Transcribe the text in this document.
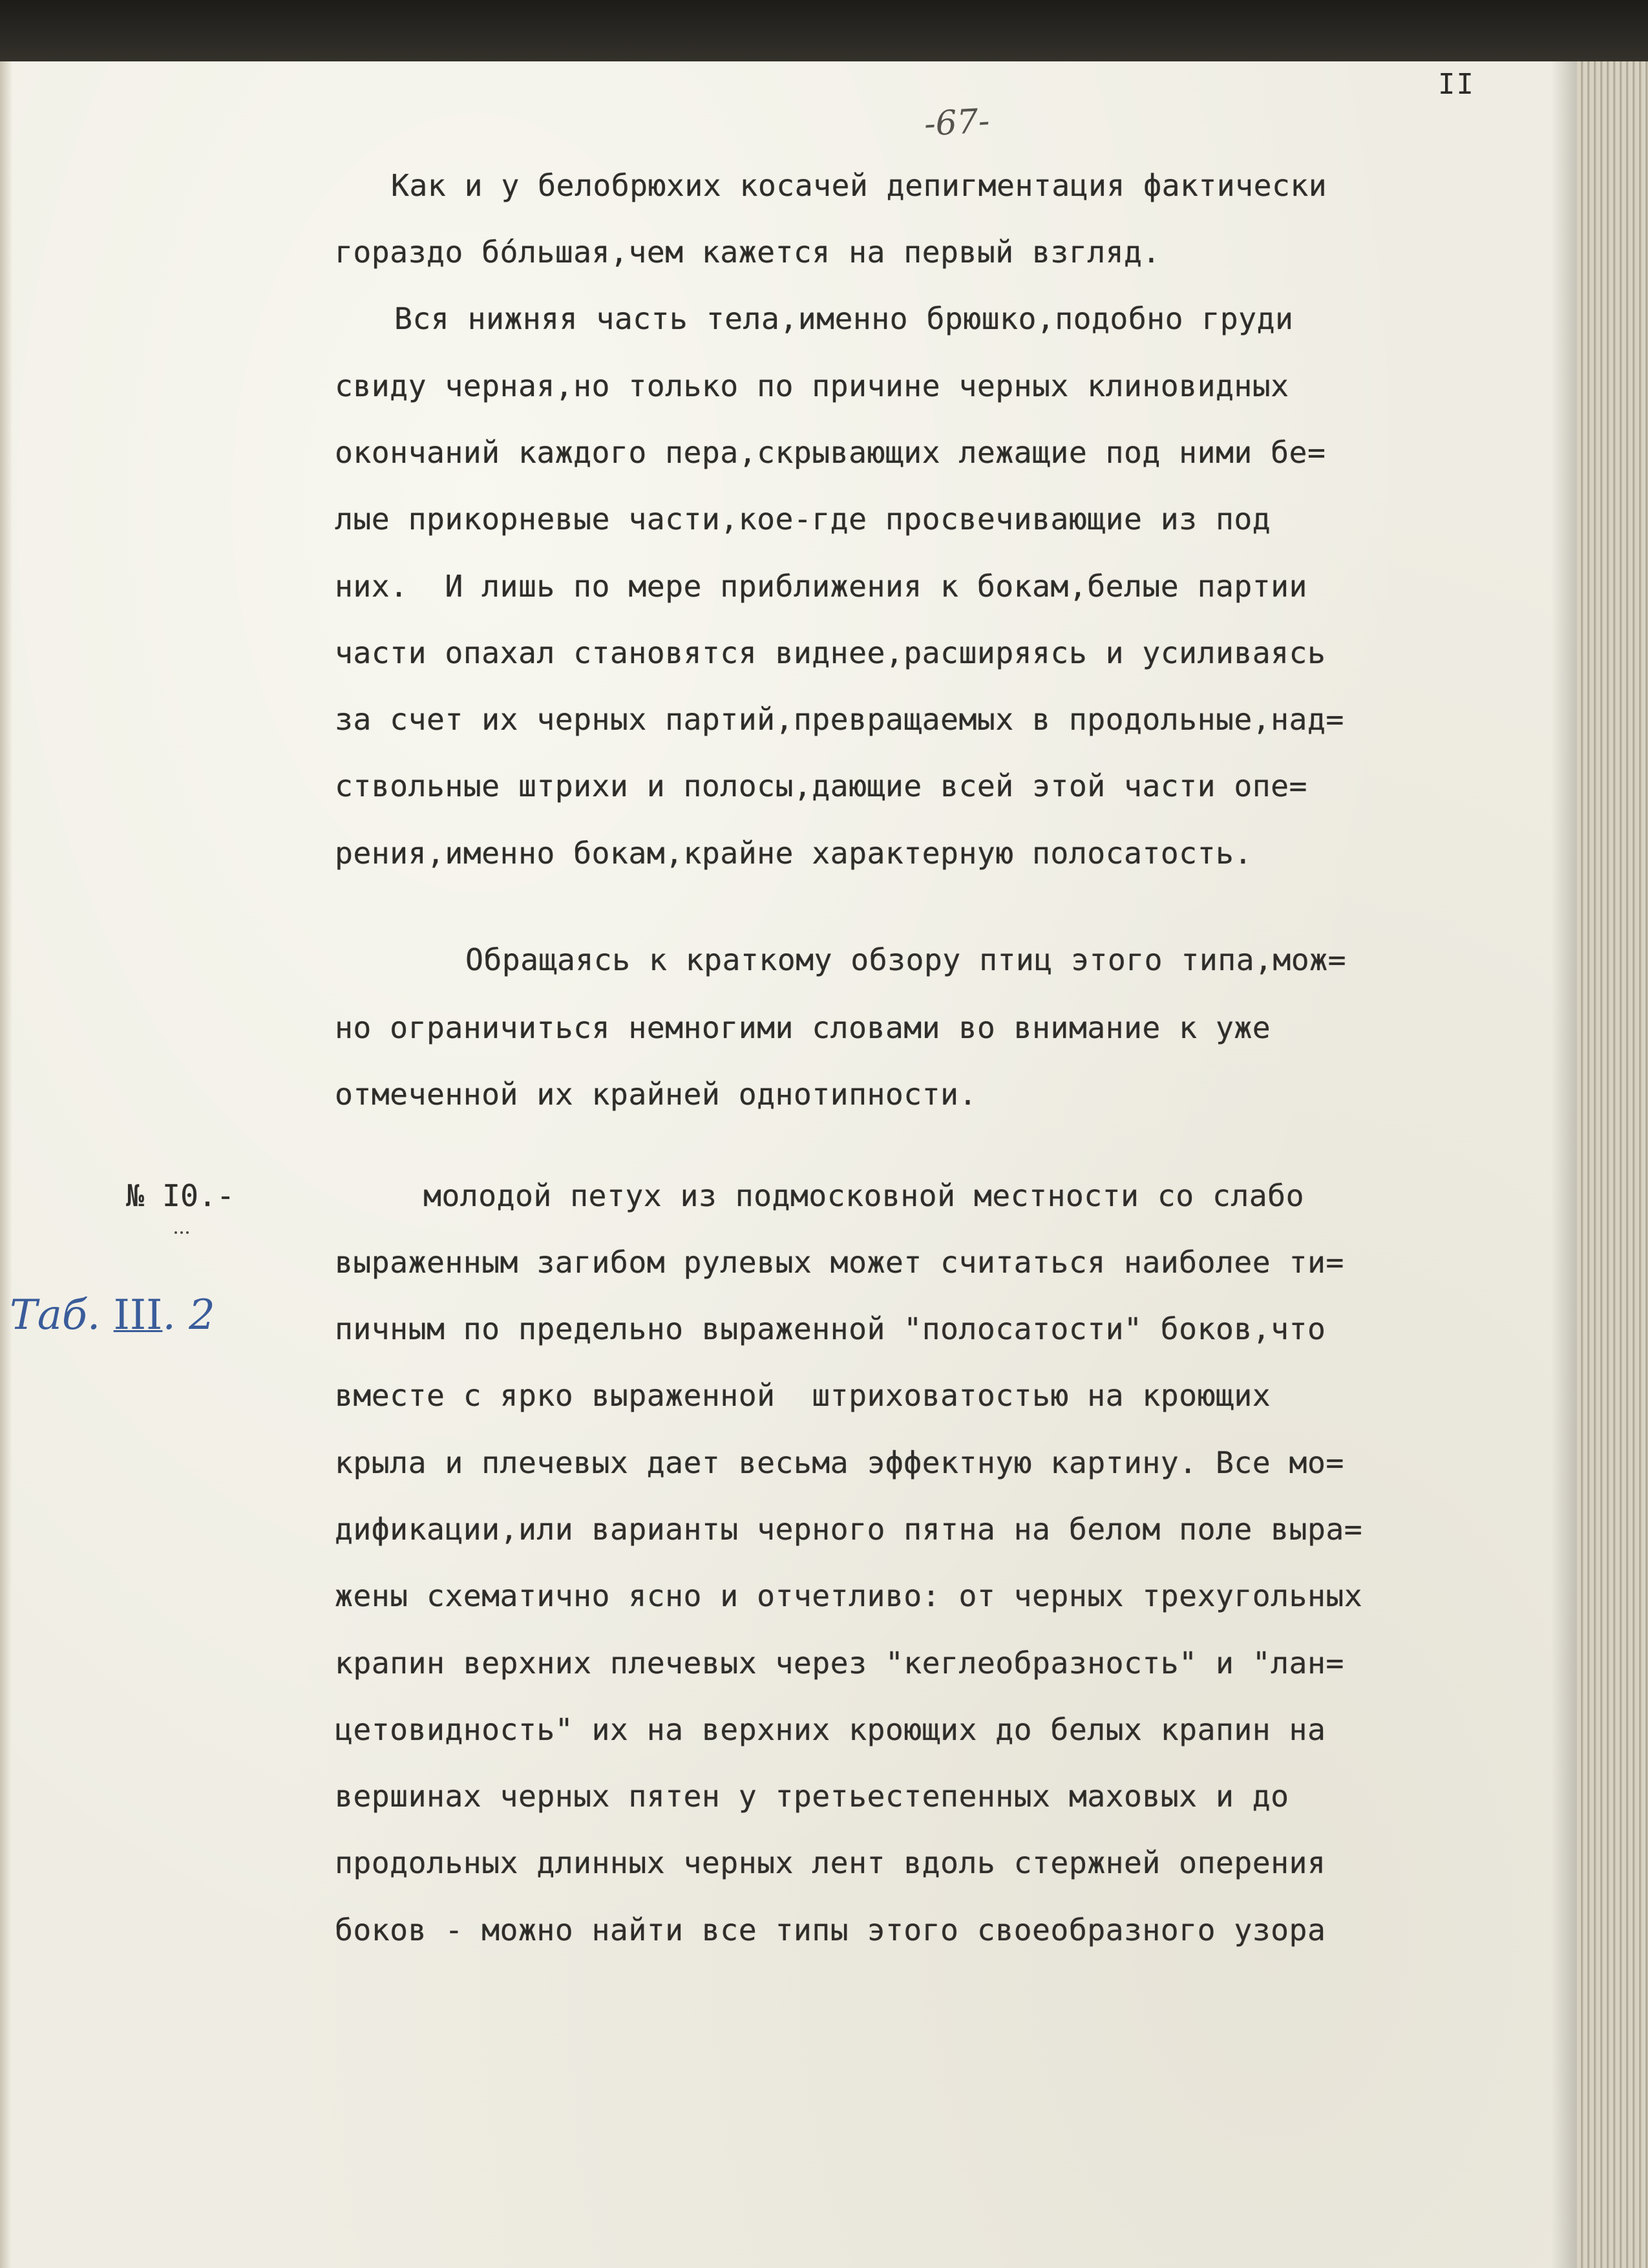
II
-67-
Как и у белобрюхих косачей депигментация фактически
гораздо бо́льшая,чем кажется на первый взгляд.
Вся нижняя часть тела,именно брюшко,подобно груди
свиду черная,но только по причине черных клиновидных
окончаний каждого пера,скрывающих лежащие под ними бе=
лые прикорневые части,кое-где просвечивающие из под
них.  И лишь по мере приближения к бокам,белые партии
части опахал становятся виднее,расширяясь и усиливаясь
за счет их черных партий,превращаемых в продольные,над=
ствольные штрихи и полосы,дающие всей этой части опе=
рения,именно бокам,крайне характерную полосатость.
Обращаясь к краткому обзору птиц этого типа,мож=
но ограничиться немногими словами во внимание к уже
отмеченной их крайней однотипности.
№ I0.-
Таб. III. 2
молодой петух из подмосковной местности со слабо
выраженным загибом рулевых может считаться наиболее ти=
пичным по предельно выраженной "полосатости" боков,что
вместе с ярко выраженной  штриховатостью на кроющих
крыла и плечевых дает весьма эффектную картину. Все мо=
дификации,или варианты черного пятна на белом поле выра=
жены схематично ясно и отчетливо: от черных трехугольных
крапин верхних плечевых через "кеглеобразность" и "лан=
цетовидность" их на верхних кроющих до белых крапин на
вершинах черных пятен у третьестепенных маховых и до
продольных длинных черных лент вдоль стержней оперения
боков - можно найти все типы этого своеобразного узора
